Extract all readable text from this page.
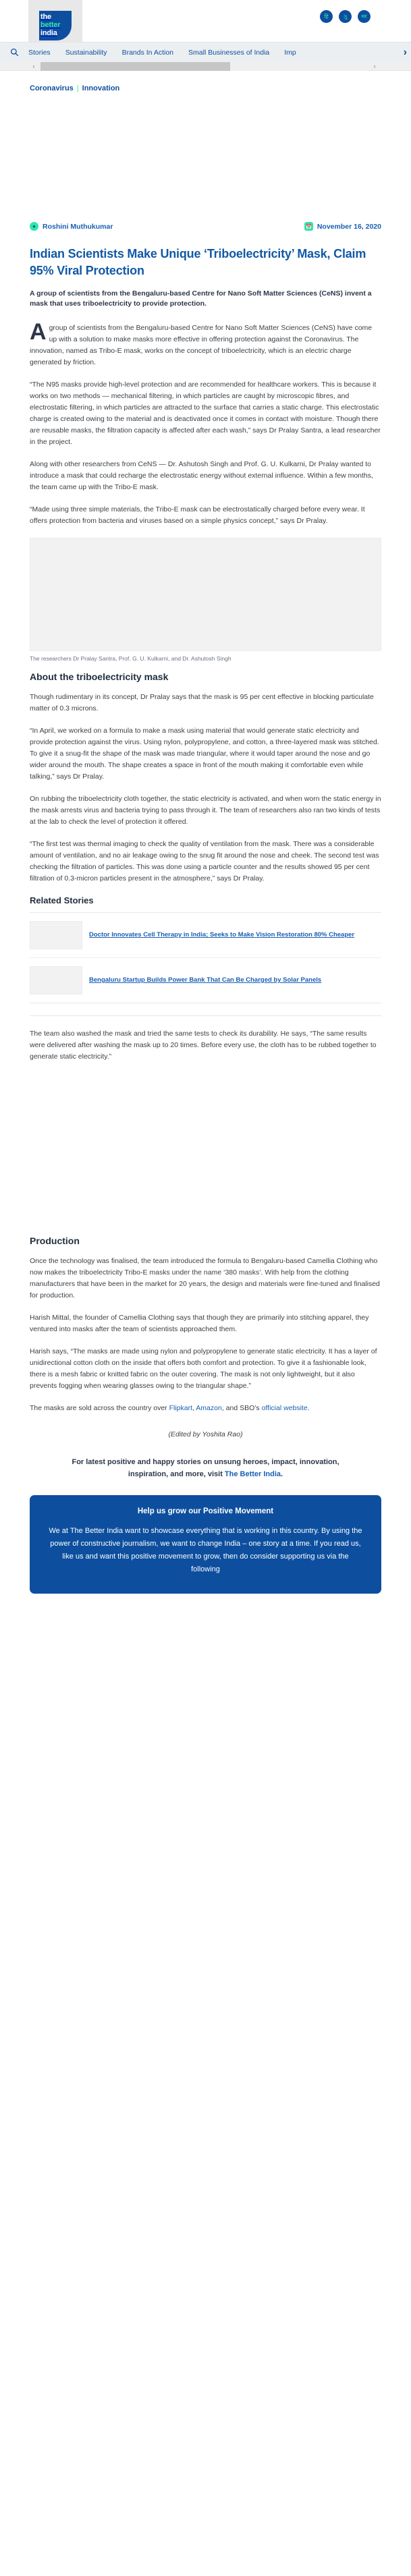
the
better
india
हि	ગુ	मर
Stories Sustainability Brands In Action Small Businesses of India Imp	›
‹	›
Coronavirus | Innovation
● Roshini Muthukumar	📅 November 16, 2020
Indian Scientists Make Unique ‘Triboelectricity’ Mask, Claim 95% Viral Protection
A group of scientists from the Bengaluru-based Centre for Nano Soft Matter Sciences (CeNS) invent a mask that uses triboelectricity to provide protection.

Agroup of scientists from the Bengaluru-based Centre for Nano Soft Matter Sciences (CeNS) have come up with a solution to make masks more effective in offering protection against the Coronavirus. The innovation, named as Tribo-E mask, works on the concept of triboelectricity, which is an electric charge generated by friction.

“The N95 masks provide high-level protection and are recommended for healthcare workers. This is because it works on two methods — mechanical filtering, in which particles are caught by microscopic fibres, and electrostatic filtering, in which particles are attracted to the surface that carries a static charge. This electrostatic charge is created owing to the material and is deactivated once it comes in contact with moisture. Though there are reusable masks, the filtration capacity is affected after each wash,” says Dr Pralay Santra, a lead researcher in the project.

Along with other researchers from CeNS — Dr. Ashutosh Singh and Prof. G. U. Kulkarni, Dr Pralay wanted to introduce a mask that could recharge the electrostatic energy without external influence. Within a few months, the team came up with the Tribo-E mask.

“Made using three simple materials, the Tribo-E mask can be electrostatically charged before every wear. It offers protection from bacteria and viruses based on a simple physics concept,” says Dr Pralay.

The researchers Dr Pralay Santra, Prof. G. U. Kulkarni, and Dr. Ashutosh Singh
About the triboelectricity mask

Though rudimentary in its concept, Dr Pralay says that the mask is 95 per cent effective in blocking particulate matter of 0.3 microns.

“In April, we worked on a formula to make a mask using material that would generate static electricity and provide protection against the virus. Using nylon, polypropylene, and cotton, a three-layered mask was stitched. To give it a snug-fit the shape of the mask was made triangular, where it would taper around the nose and go wider around the mouth. The shape creates a space in front of the mouth making it comfortable even while talking,” says Dr Pralay.

On rubbing the triboelectricity cloth together, the static electricity is activated, and when worn the static energy in the mask arrests virus and bacteria trying to pass through it. The team of researchers also ran two kinds of tests at the lab to check the level of protection it offered.

“The first test was thermal imaging to check the quality of ventilation from the mask. There was a considerable amount of ventilation, and no air leakage owing to the snug fit around the nose and cheek. The second test was checking the filtration of particles. This was done using a particle counter and the results showed 95 per cent filtration of 0.3-micron particles present in the atmosphere,” says Dr Pralay.

Related Stories
Doctor Innovates Cell Therapy in India; Seeks to Make Vision Restoration 80% Cheaper
Bengaluru Startup Builds Power Bank That Can Be Charged by Solar Panels

The team also washed the mask and tried the same tests to check its durability. He says, “The same results were delivered after washing the mask up to 20 times. Before every use, the cloth has to be rubbed together to generate static electricity.”

Production

Once the technology was finalised, the team introduced the formula to Bengaluru-based Camellia Clothing who now makes the triboelectricity Tribo-E masks under the name ‘380 masks’. With help from the clothing manufacturers that have been in the market for 20 years, the design and materials were fine-tuned and finalised for production.

Harish Mittal, the founder of Camellia Clothing says that though they are primarily into stitching apparel, they ventured into masks after the team of scientists approached them.

Harish says, “The masks are made using nylon and polypropylene to generate static electricity. It has a layer of unidirectional cotton cloth on the inside that offers both comfort and protection. To give it a fashionable look, there is a mesh fabric or knitted fabric on the outer covering. The mask is not only lightweight, but it also prevents fogging when wearing glasses owing to the triangular shape.”

The masks are sold across the country over Flipkart, Amazon, and SBO’s official website.

(Edited by Yoshita Rao)
For latest positive and happy stories on unsung heroes, impact, innovation,
inspiration, and more, visit The Better India.
Help us grow our Positive Movement

We at The Better India want to showcase everything that is working in this country. By using the power of constructive journalism, we want to change India – one story at a time. If you read us, like us and want this positive movement to grow, then do consider supporting us via the following
